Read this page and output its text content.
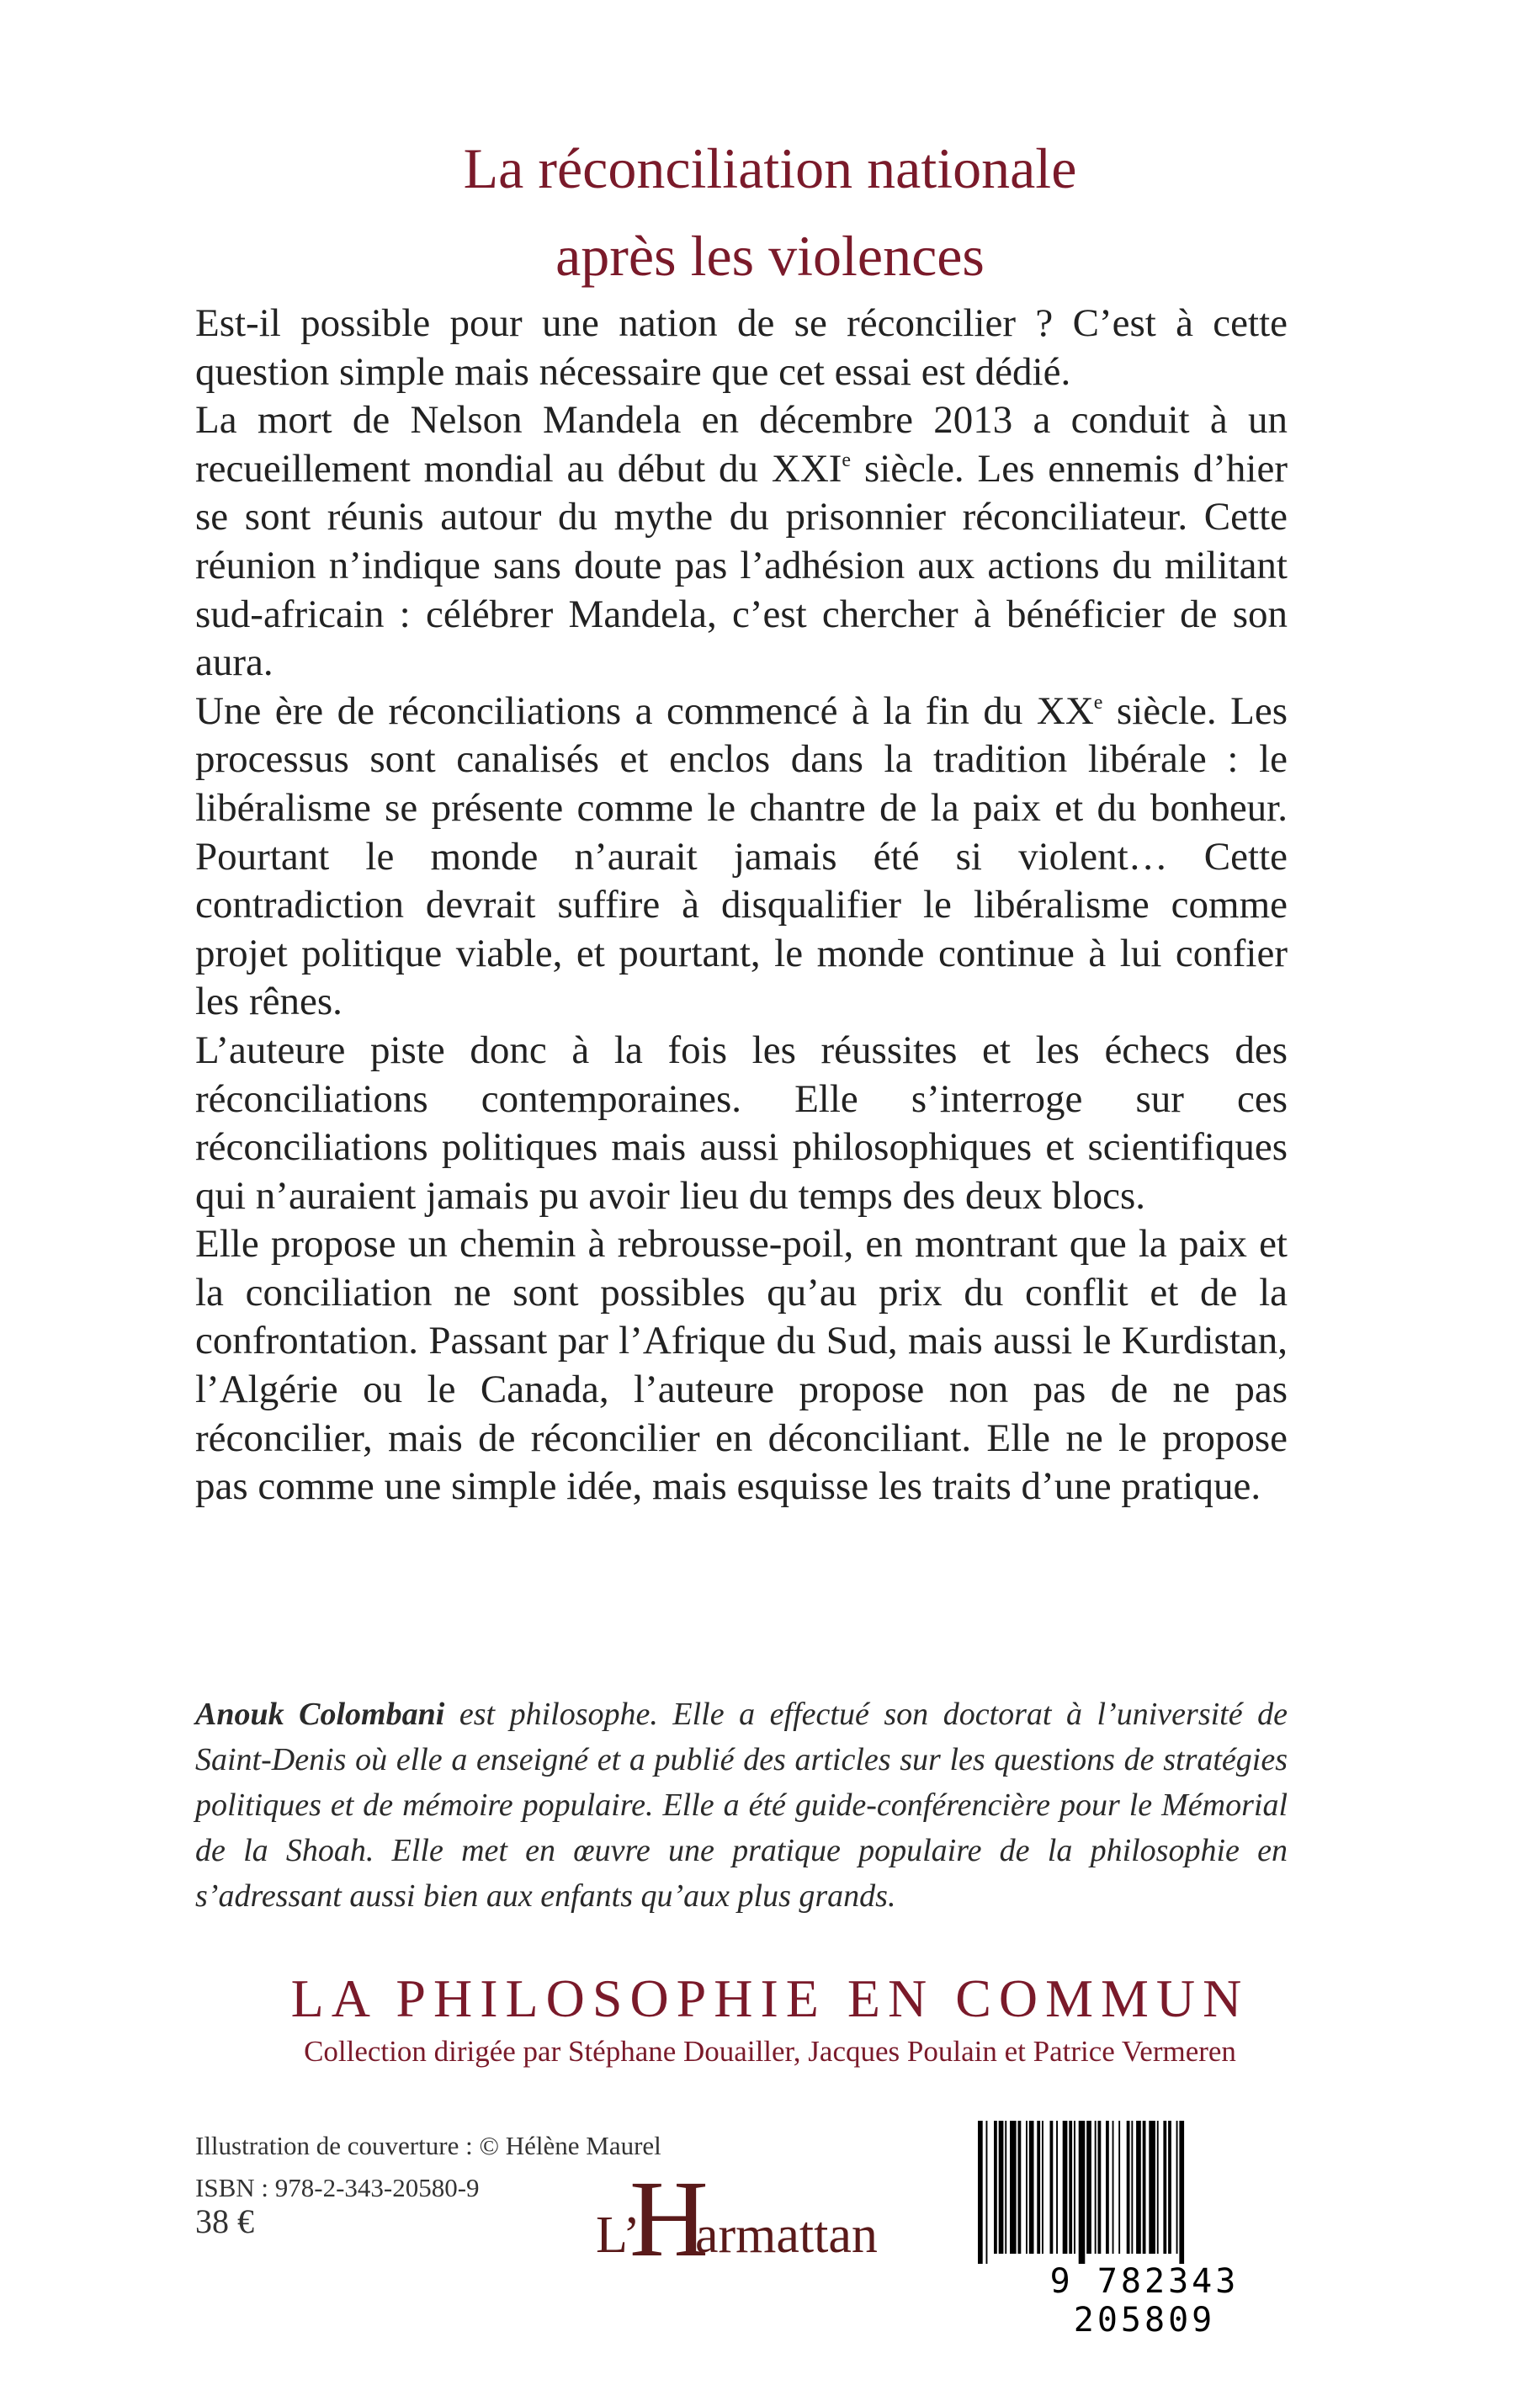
La réconciliation nationale
après les violences

Est-il possible pour une nation de se réconcilier ? C’est à cette question simple mais nécessaire que cet essai est dédié.

La mort de Nelson Mandela en décembre 2013 a conduit à un recueillement mondial au début du XXIe siècle. Les ennemis d’hier se sont réunis autour du mythe du prisonnier réconciliateur. Cette réunion n’indique sans doute pas l’adhésion aux actions du militant sud-africain : célébrer Mandela, c’est chercher à bénéficier de son aura.

Une ère de réconciliations a commencé à la fin du XXe siècle. Les processus sont canalisés et enclos dans la tradition libérale : le libéralisme se présente comme le chantre de la paix et du bonheur. Pourtant le monde n’aurait jamais été si violent… Cette contradiction devrait suffire à disqualifier le libéralisme comme projet politique viable, et pourtant, le monde continue à lui confier les rênes.

L’auteure piste donc à la fois les réussites et les échecs des réconciliations contemporaines. Elle s’interroge sur ces réconciliations politiques mais aussi philosophiques et scientifiques qui n’auraient jamais pu avoir lieu du temps des deux blocs.

Elle propose un chemin à rebrousse-poil, en montrant que la paix et la conciliation ne sont possibles qu’au prix du conflit et de la confrontation. Passant par l’Afrique du Sud, mais aussi le Kurdistan, l’Algérie ou le Canada, l’auteure propose non pas de ne pas réconcilier, mais de réconcilier en déconciliant. Elle ne le propose pas comme une simple idée, mais esquisse les traits d’une pratique.

Anouk Colombani est philosophe. Elle a effectué son doctorat à l’université de Saint-Denis où elle a enseigné et a publié des articles sur les questions de stratégies politiques et de mémoire populaire. Elle a été guide-conférencière pour le Mémorial de la Shoah. Elle met en œuvre une pratique populaire de la philosophie en s’adressant aussi bien aux enfants qu’aux plus grands.
LA PHILOSOPHIE EN COMMUN
Collection dirigée par Stéphane Douailler, Jacques Poulain et Patrice Vermeren
Illustration de couverture : © Hélène Maurel
ISBN : 978-2-343-20580-9
38 €	L’
H
armattan
9 782343 205809
